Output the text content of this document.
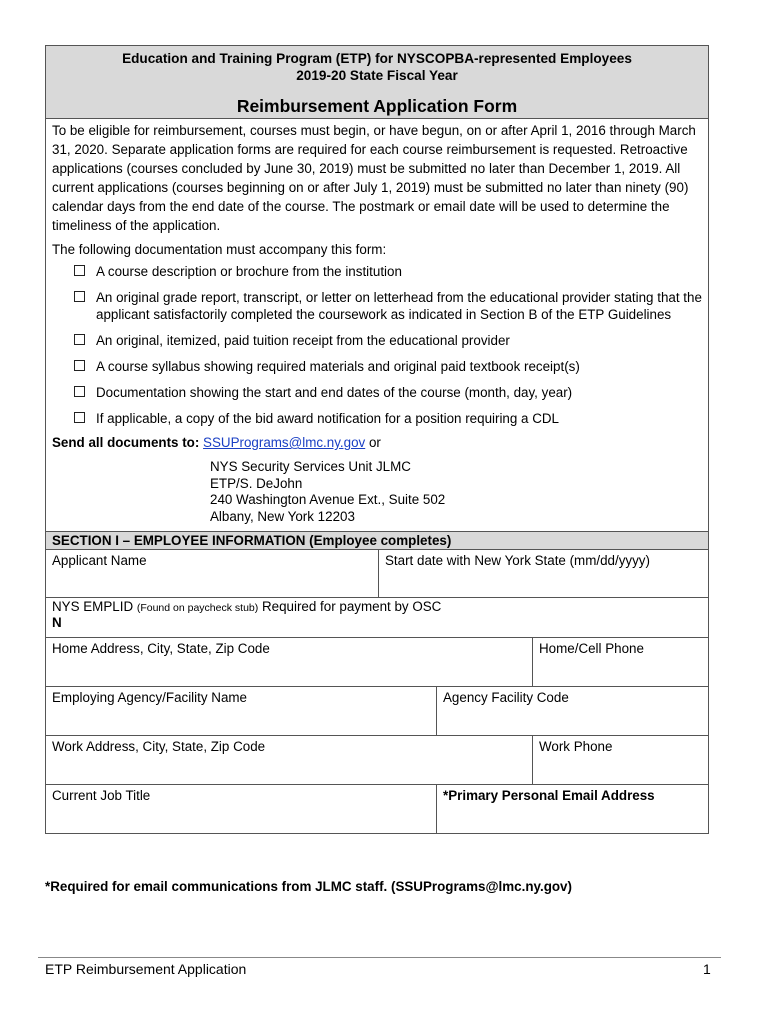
Education and Training Program (ETP) for NYSCOPBA-represented Employees
2019-20 State Fiscal Year
Reimbursement Application Form

To be eligible for reimbursement, courses must begin, or have begun, on or after April 1, 2016 through March 31, 2020. Separate application forms are required for each course reimbursement is requested. Retroactive applications (courses concluded by June 30, 2019) must be submitted no later than December 1, 2019. All current applications (courses beginning on or after July 1, 2019) must be submitted no later than ninety (90) calendar days from the end date of the course. The postmark or email date will be used to determine the timeliness of the application.

The following documentation must accompany this form:

A course description or brochure from the institution
An original grade report, transcript, or letter on letterhead from the educational provider stating that the applicant satisfactorily completed the coursework as indicated in Section B of the ETP Guidelines
An original, itemized, paid tuition receipt from the educational provider
A course syllabus showing required materials and original paid textbook receipt(s)
Documentation showing the start and end dates of the course (month, day, year)
If applicable, a copy of the bid award notification for a position requiring a CDL
Send all documents to: SSUPrograms@lmc.ny.gov or
NYS Security Services Unit JLMC
ETP/S. DeJohn
240 Washington Avenue Ext., Suite 502
Albany, New York 12203
SECTION I – EMPLOYEE INFORMATION (Employee completes)
Applicant Name	Start date with New York State (mm/dd/yyyy)
NYS EMPLID (Found on paycheck stub) Required for payment by OSC
N
Home Address, City, State, Zip Code	Home/Cell Phone
Employing Agency/Facility Name	Agency Facility Code
Work Address, City, State, Zip Code	Work Phone
Current Job Title	*Primary Personal Email Address
*Required for email communications from JLMC staff. (SSUPrograms@lmc.ny.gov)
ETP Reimbursement Application	1
